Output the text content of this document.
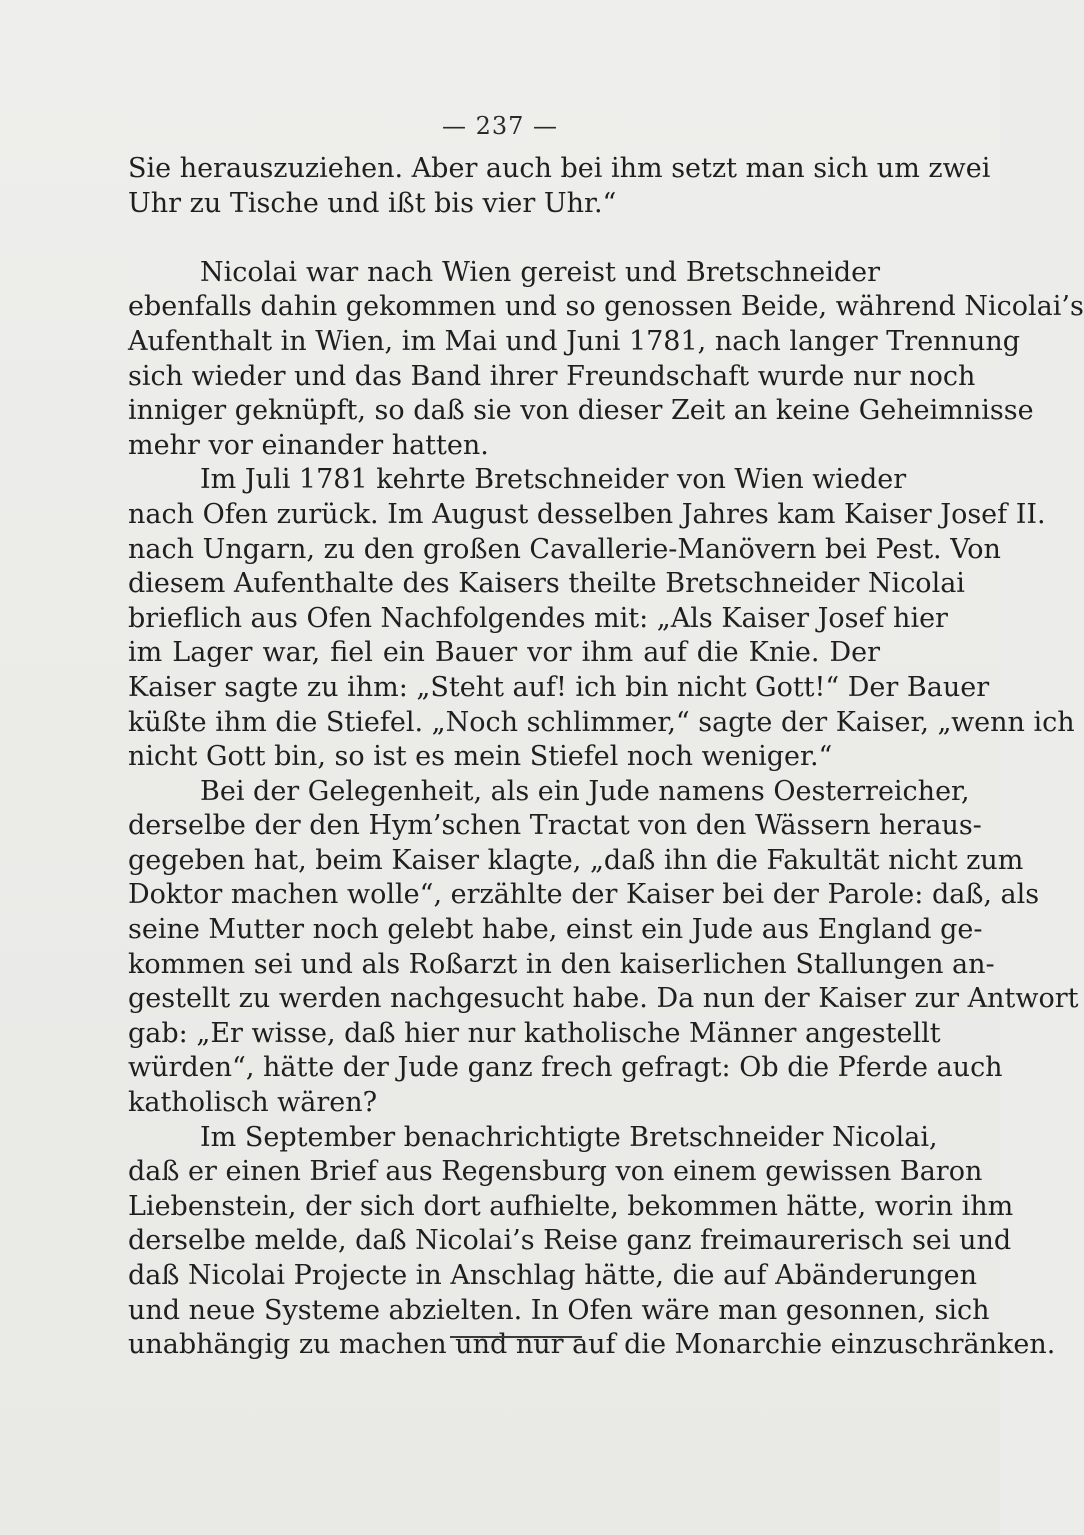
— 237 —
Sie herauszuziehen. Aber auch bei ihm setzt man sich um zwei
Uhr zu Tische und ißt bis vier Uhr.“
Nicolai war nach Wien gereist und Bretschneider
ebenfalls dahin gekommen und so genossen Beide, während Nicolai’s
Aufenthalt in Wien, im Mai und Juni 1781, nach langer Trennung
sich wieder und das Band ihrer Freundschaft wurde nur noch
inniger geknüpft, so daß sie von dieser Zeit an keine Geheimnisse
mehr vor einander hatten.
Im Juli 1781 kehrte Bretschneider von Wien wieder
nach Ofen zurück. Im August desselben Jahres kam Kaiser Josef II.
nach Ungarn, zu den großen Cavallerie-Manövern bei Pest. Von
diesem Aufenthalte des Kaisers theilte Bretschneider Nicolai
brieflich aus Ofen Nachfolgendes mit: „Als Kaiser Josef hier
im Lager war, fiel ein Bauer vor ihm auf die Knie. Der
Kaiser sagte zu ihm: „Steht auf! ich bin nicht Gott!“ Der Bauer
küßte ihm die Stiefel. „Noch schlimmer,“ sagte der Kaiser, „wenn ich
nicht Gott bin, so ist es mein Stiefel noch weniger.“
Bei der Gelegenheit, als ein Jude namens Oesterreicher,
derselbe der den Hym’schen Tractat von den Wässern heraus-
gegeben hat, beim Kaiser klagte, „daß ihn die Fakultät nicht zum
Doktor machen wolle“, erzählte der Kaiser bei der Parole: daß, als
seine Mutter noch gelebt habe, einst ein Jude aus England ge-
kommen sei und als Roßarzt in den kaiserlichen Stallungen an-
gestellt zu werden nachgesucht habe. Da nun der Kaiser zur Antwort
gab: „Er wisse, daß hier nur katholische Männer angestellt
würden“, hätte der Jude ganz frech gefragt: Ob die Pferde auch
katholisch wären?
Im September benachrichtigte Bretschneider Nicolai,
daß er einen Brief aus Regensburg von einem gewissen Baron
Liebenstein, der sich dort aufhielte, bekommen hätte, worin ihm
derselbe melde, daß Nicolai’s Reise ganz freimaurerisch sei und
daß Nicolai Projecte in Anschlag hätte, die auf Abänderungen
und neue Systeme abzielten. In Ofen wäre man gesonnen, sich
unabhängig zu machen und nur auf die Monarchie einzuschränken.
